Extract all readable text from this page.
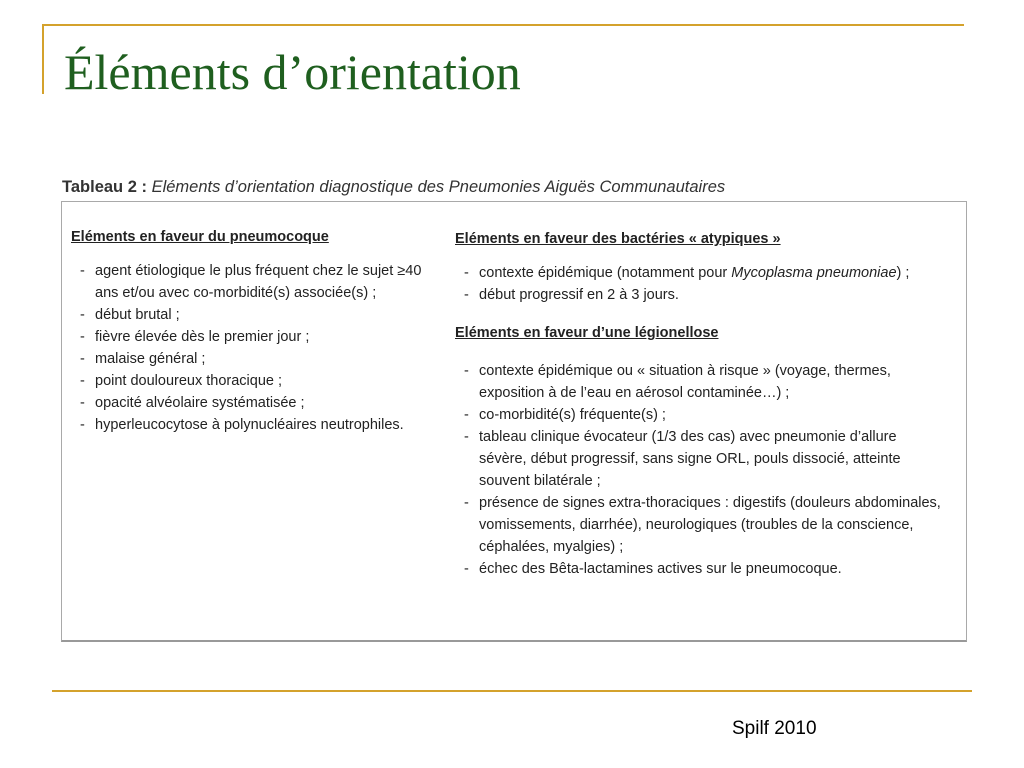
Éléments d’orientation
Tableau 2 : Eléments d’orientation diagnostique des Pneumonies Aiguës Communautaires

Eléments en faveur du pneumocoque

- agent étiologique le plus fréquent chez le sujet ≥40 ans et/ou avec co-morbidité(s) associée(s) ;
- début brutal ;
- fièvre élevée dès le premier jour ;
- malaise général ;
- point douloureux thoracique ;
- opacité alvéolaire systématisée ;
- hyperleucocytose à polynucléaires neutrophiles.

Eléments en faveur des bactéries « atypiques »

- contexte épidémique (notamment pour Mycoplasma pneumoniae) ;
- début progressif en 2 à 3 jours.

Eléments en faveur d’une légionellose

- contexte épidémique ou « situation à risque » (voyage, thermes, exposition à de l’eau en aérosol contaminée…) ;
- co-morbidité(s) fréquente(s) ;
- tableau clinique évocateur (1/3 des cas) avec pneumonie d’allure sévère, début progressif, sans signe ORL, pouls dissocié, atteinte souvent bilatérale ;
- présence de signes extra-thoraciques : digestifs (douleurs abdominales, vomissements, diarrhée), neurologiques (troubles de la conscience, céphalées, myalgies) ;
- échec des Bêta-lactamines actives sur le pneumocoque.
Spilf 2010
